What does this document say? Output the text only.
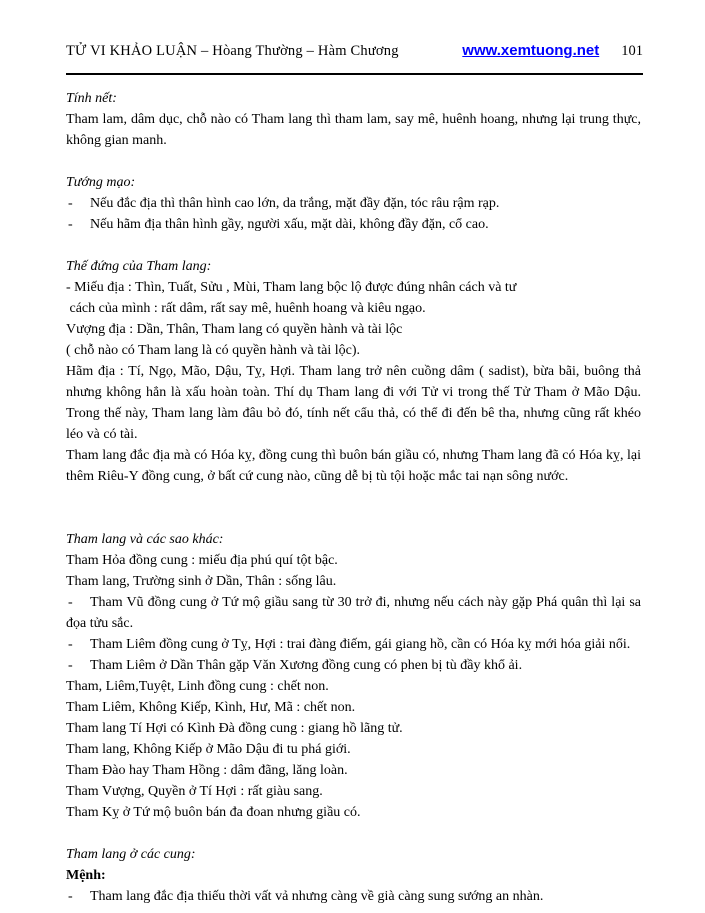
TỬ VI KHẢO LUẬN – Hòang Thường – Hàm Chương	www.xemtuong.net 101

Tính nết:

Tham lam, dâm dục, chỗ nào có Tham lang thì tham lam, say mê, huênh hoang, nhưng lại trung thực, không gian manh.

Tướng mạo:

- Nếu đắc địa thì thân hình cao lớn, da trắng, mặt đầy đặn, tóc râu rậm rạp.

- Nếu hãm địa thân hình gầy, người xấu, mặt dài, không đầy đặn, cổ cao.

Thế đứng của Tham lang:

- Miếu địa : Thìn, Tuất, Sửu , Mùi, Tham lang bộc lộ được đúng nhân cách và tư

cách của mình : rất dâm, rất say mê, huênh hoang và kiêu ngạo.

Vượng địa : Dần, Thân, Tham lang có quyền hành và tài lộc

( chỗ nào có Tham lang là có quyền hành và tài lộc).

Hãm địa : Tí, Ngọ, Mão, Dậu, Tỵ, Hợi. Tham lang trở nên cuồng dâm ( sadist), bừa bãi, buông thả nhưng không hẳn là xấu hoàn toàn. Thí dụ Tham lang đi với Tử vi trong thế Tử Tham ở Mão Dậu. Trong thế này, Tham lang làm đâu bỏ đó, tính nết cẩu thả, có thể đi đến bê tha, nhưng cũng rất khéo léo và có tài.

Tham lang đắc địa mà có Hóa kỵ, đồng cung thì buôn bán giầu có, nhưng Tham lang đã có Hóa kỵ, lại thêm Riêu-Y đồng cung, ở bất cứ cung nào, cũng dễ bị tù tội hoặc mắc tai nạn sông nước.

Tham lang và các sao khác:

Tham Hỏa đồng cung : miếu địa phú quí tột bậc.

Tham lang, Trường sinh ở Dần, Thân : sống lâu.

- Tham Vũ đồng cung ở Tứ mộ giầu sang từ 30 trở đi, nhưng nếu cách này gặp Phá quân thì lại sa đọa tửu sắc.

- Tham Liêm đồng cung ở Tỵ, Hợi : trai đàng điếm, gái giang hồ, cần có Hóa kỵ mới hóa giải nổi.

- Tham Liêm ở Dần Thân gặp Văn Xương đồng cung có phen bị tù đầy khổ ải.

Tham, Liêm,Tuyệt, Linh đồng cung : chết non.

Tham Liêm, Không Kiếp, Kình, Hư, Mã : chết non.

Tham lang Tí Hợi có Kình Đà đồng cung : giang hồ lãng tử.

Tham lang, Không Kiếp ở Mão Dậu đi tu phá giới.

Tham Đào hay Tham Hồng : dâm đãng, lăng loàn.

Tham Vượng, Quyền ở Tí Hợi : rất giàu sang.

Tham Kỵ ở Tứ mộ buôn bán đa đoan nhưng giầu có.

Tham lang ở các cung:

Mệnh:

- Tham lang đắc địa thiếu thời vất vả nhưng càng về già càng sung sướng an nhàn.
